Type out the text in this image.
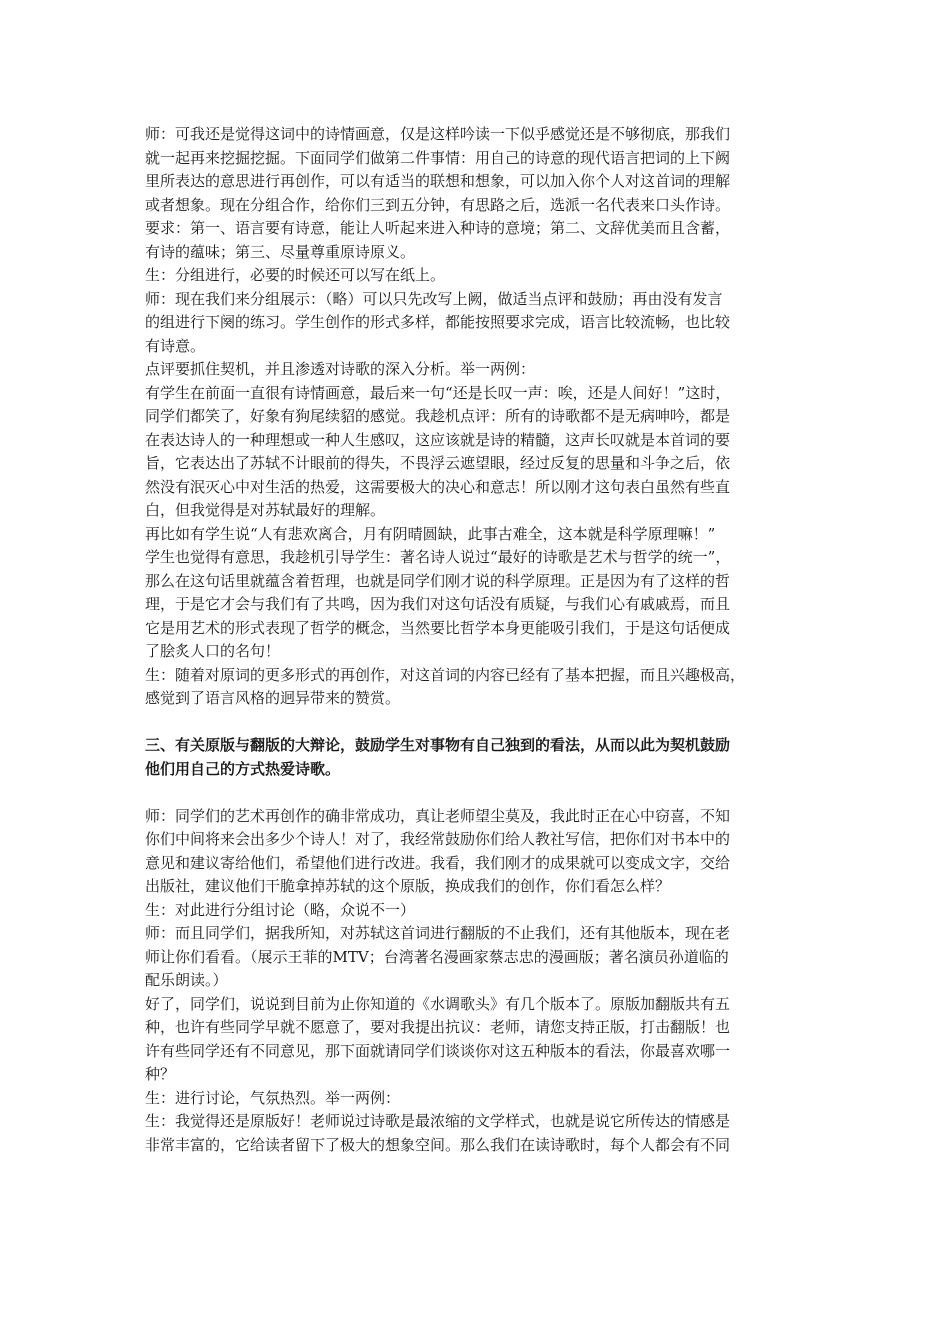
师：可我还是觉得这词中的诗情画意，仅是这样吟读一下似乎感觉还是不够彻底，那我们
就一起再来挖掘挖掘。下面同学们做第二件事情：用自己的诗意的现代语言把词的上下阙
里所表达的意思进行再创作，可以有适当的联想和想象，可以加入你个人对这首词的理解
或者想象。现在分组合作，给你们三到五分钟，有思路之后，选派一名代表来口头作诗。
要求：第一、语言要有诗意，能让人听起来进入种诗的意境；第二、文辞优美而且含蓄，
有诗的蕴味；第三、尽量尊重原诗原义。
生：分组进行，必要的时候还可以写在纸上。
师：现在我们来分组展示：（略）可以只先改写上阙，做适当点评和鼓励；再由没有发言
的组进行下阕的练习。学生创作的形式多样，都能按照要求完成，语言比较流畅，也比较
有诗意。
点评要抓住契机，并且渗透对诗歌的深入分析。举一两例：
有学生在前面一直很有诗情画意，最后来一句“还是长叹一声：唉，还是人间好！”这时，
同学们都笑了，好象有狗尾续貂的感觉。我趁机点评：所有的诗歌都不是无病呻吟，都是
在表达诗人的一种理想或一种人生感叹，这应该就是诗的精髓，这声长叹就是本首词的要
旨，它表达出了苏轼不计眼前的得失，不畏浮云遮望眼，经过反复的思量和斗争之后，依
然没有泯灭心中对生活的热爱，这需要极大的决心和意志！所以刚才这句表白虽然有些直
白，但我觉得是对苏轼最好的理解。
再比如有学生说“人有悲欢离合，月有阴晴圆缺，此事古难全，这本就是科学原理嘛！”
学生也觉得有意思，我趁机引导学生：著名诗人说过“最好的诗歌是艺术与哲学的统一”，
那么在这句话里就蕴含着哲理，也就是同学们刚才说的科学原理。正是因为有了这样的哲
理，于是它才会与我们有了共鸣，因为我们对这句话没有质疑，与我们心有戚戚焉，而且
它是用艺术的形式表现了哲学的概念，当然要比哲学本身更能吸引我们，于是这句话便成
了脍炙人口的名句！
生：随着对原词的更多形式的再创作，对这首词的内容已经有了基本把握，而且兴趣极高，
感觉到了语言风格的迥异带来的赞赏。
三、有关原版与翻版的大辩论，鼓励学生对事物有自己独到的看法，从而以此为契机鼓励
他们用自己的方式热爱诗歌。
师：同学们的艺术再创作的确非常成功，真让老师望尘莫及，我此时正在心中窃喜，不知
你们中间将来会出多少个诗人！对了，我经常鼓励你们给人教社写信，把你们对书本中的
意见和建议寄给他们，希望他们进行改进。我看，我们刚才的成果就可以变成文字，交给
出版社，建议他们干脆拿掉苏轼的这个原版，换成我们的创作，你们看怎么样？
生：对此进行分组讨论（略，众说不一）
师：而且同学们，据我所知，对苏轼这首词进行翻版的不止我们，还有其他版本，现在老
师让你们看看。（展示王菲的MTV；台湾著名漫画家蔡志忠的漫画版；著名演员孙道临的
配乐朗读。）
好了，同学们，说说到目前为止你知道的《水调歌头》有几个版本了。原版加翻版共有五
种，也许有些同学早就不愿意了，要对我提出抗议：老师，请您支持正版，打击翻版！也
许有些同学还有不同意见，那下面就请同学们谈谈你对这五种版本的看法，你最喜欢哪一
种？
生：进行讨论，气氛热烈。举一两例：
生：我觉得还是原版好！老师说过诗歌是最浓缩的文学样式，也就是说它所传达的情感是
非常丰富的，它给读者留下了极大的想象空间。那么我们在读诗歌时，每个人都会有不同
